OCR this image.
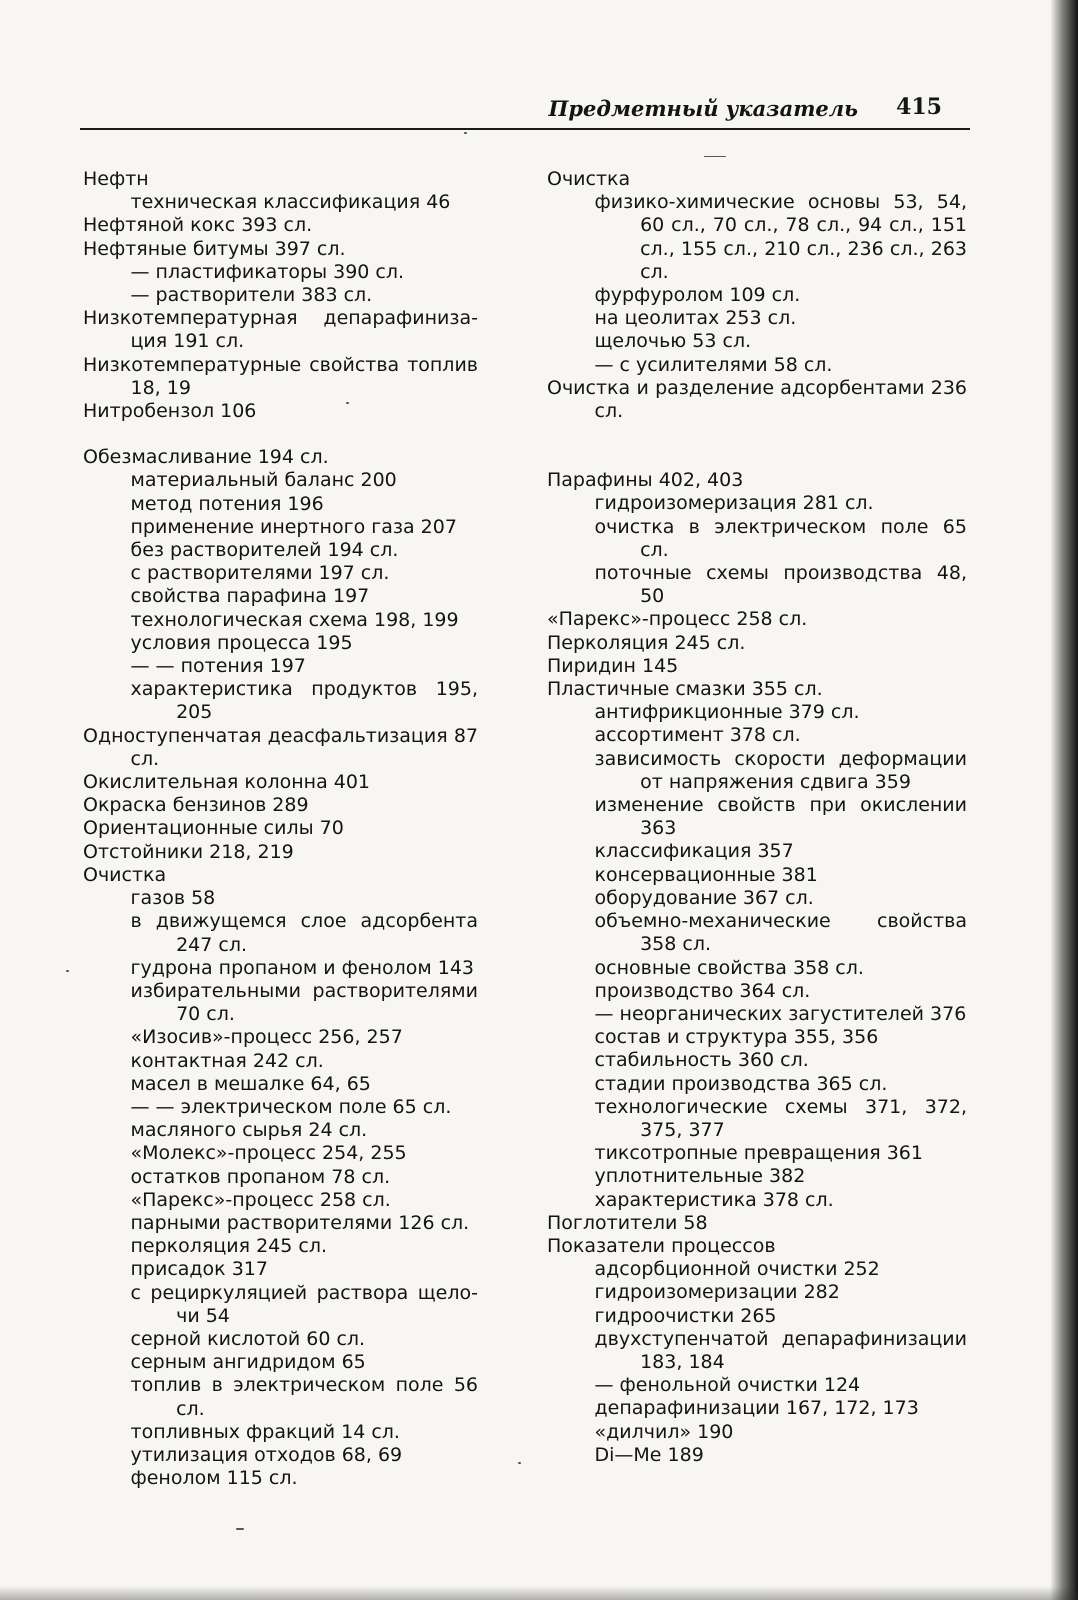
Предметный указатель 415
Нефтн
техническая классификация 46
Нефтяной кокс 393 сл.
Нефтяные битумы 397 сл.
— пластификаторы 390 сл.
— растворители 383 сл.
Низкотемпературная депарафинизация 191 сл.
Низкотемпературные свойства топлив 18, 19
Нитробензол 106
Обезмасливание 194 сл.
материальный баланс 200
метод потения 196
применение инертного газа 207
без растворителей 194 сл.
с растворителями 197 сл.
свойства парафина 197
технологическая схема 198, 199
условия процесса 195
— — потения 197
характеристика продуктов 195, 205
Одноступенчатая деасфальтизация 87 сл.
Окислительная колонна 401
Окраска бензинов 289
Ориентационные силы 70
Отстойники 218, 219
Очистка
газов 58
в движущемся слое адсорбента 247 сл.
гудрона пропаном и фенолом 143
избирательными растворителями 70 сл.
«Изосив»-процесс 256, 257
контактная 242 сл.
масел в мешалке 64, 65
— — электрическом поле 65 сл.
масляного сырья 24 сл.
«Молекс»-процесс 254, 255
остатков пропаном 78 сл.
«Парекс»-процесс 258 сл.
парными растворителями 126 сл.
перколяция 245 сл.
присадок 317
с рециркуляцией раствора щелочи 54
серной кислотой 60 сл.
серным ангидридом 65
топлив в электрическом поле 56 сл.
топливных фракций 14 сл.
утилизация отходов 68, 69
фенолом 115 сл.
Очистка
физико-химические основы 53, 54, 60 сл., 70 сл., 78 сл., 94 сл., 151 сл., 155 сл., 210 сл., 236 сл., 263 сл.
фурфуролом 109 сл.
на цеолитах 253 сл.
щелочью 53 сл.
— с усилителями 58 сл.
Очистка и разделение адсорбентами 236 сл.
Парафины 402, 403
гидроизомеризация 281 сл.
очистка в электрическом поле 65 сл.
поточные схемы производства 48, 50
«Парекс»-процесс 258 сл.
Перколяция 245 сл.
Пиридин 145
Пластичные смазки 355 сл.
антифрикционные 379 сл.
ассортимент 378 сл.
зависимость скорости деформации от напряжения сдвига 359
изменение свойств при окислении 363
классификация 357
консервационные 381
оборудование 367 сл.
объемно-механические свойства 358 сл.
основные свойства 358 сл.
производство 364 сл.
— неорганических загустителей 376
состав и структура 355, 356
стабильность 360 сл.
стадии производства 365 сл.
технологические схемы 371, 372, 375, 377
тиксотропные превращения 361
уплотнительные 382
характеристика 378 сл.
Поглотители 58
Показатели процессов
адсорбционной очистки 252
гидроизомеризации 282
гидроочистки 265
двухступенчатой депарафинизации 183, 184
— фенольной очистки 124
депарафинизации 167, 172, 173
«дилчил» 190
Di—Me 189
